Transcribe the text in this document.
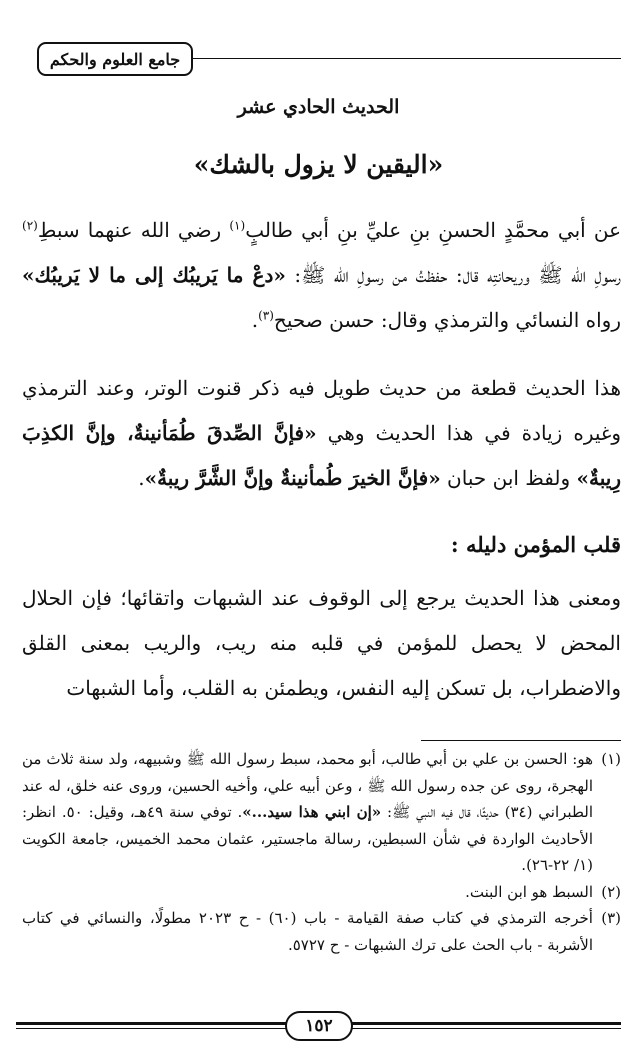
جامع العلوم والحكم
الحديث الحادي عشر
«اليقين لا يزول بالشك»
عن أبي محمَّدٍ الحسنِ بنِ عليِّ بنِ أبي طالبٍ$^{(١)}$ رضي الله عنهما سبطِ$^{(٢)}$ رسولِ الله ﷺ وريحانتِه قال: حفظتُ من رسولِ الله ﷺ: «دعْ ما يَريبُك إلى ما لا يَريبُك» رواه النسائي والترمذي وقال: حسن صحيح$^{(٣)}$.
هذا الحديث قطعة من حديث طويل فيه ذكر قنوت الوتر، وعند الترمذي وغيره زيادة في هذا الحديث وهي «فإنَّ الصِّدقَ طُمَأنينةٌ، وإنَّ الكذِبَ رِيبةٌ» ولفظ ابن حبان «فإنَّ الخيرَ طُمأنينةٌ وإنَّ الشَّرَّ ريبةٌ».
قلب المؤمن دليله :
ومعنى هذا الحديث يرجع إلى الوقوف عند الشبهات واتقائها؛ فإن الحلال المحض لا يحصل للمؤمن في قلبه منه ريب، والريب بمعنى القلق والاضطراب، بل تسكن إليه النفس، ويطمئن به القلب، وأما الشبهات
(١)
هو: الحسن بن علي بن أبي طالب، أبو محمد، سبط رسول الله ﷺ وشبيهه، ولد سنة ثلاث من الهجرة، روى عن جده رسول الله ﷺ ، وعن أبيه علي، وأخيه الحسين، وروى عنه خلق، له عند الطبراني (٣٤) حديثًا، قال فيه النبي ﷺ: «إن ابني هذا سيد...». توفي سنة ٤٩هـ، وقيل: ٥٠. انظر: الأحاديث الواردة في شأن السبطين، رسالة ماجستير، عثمان محمد الخميس، جامعة الكويت (١/ ٢٢-٢٦).
(٢)
السبط هو ابن البنت.
(٣)
أخرجه الترمذي في كتاب صفة القيامة - باب (٦٠) - ح ٢٠٢٣ مطولًا، والنسائي في كتاب الأشربة - باب الحث على ترك الشبهات - ح ٥٧٢٧.
١٥٢
